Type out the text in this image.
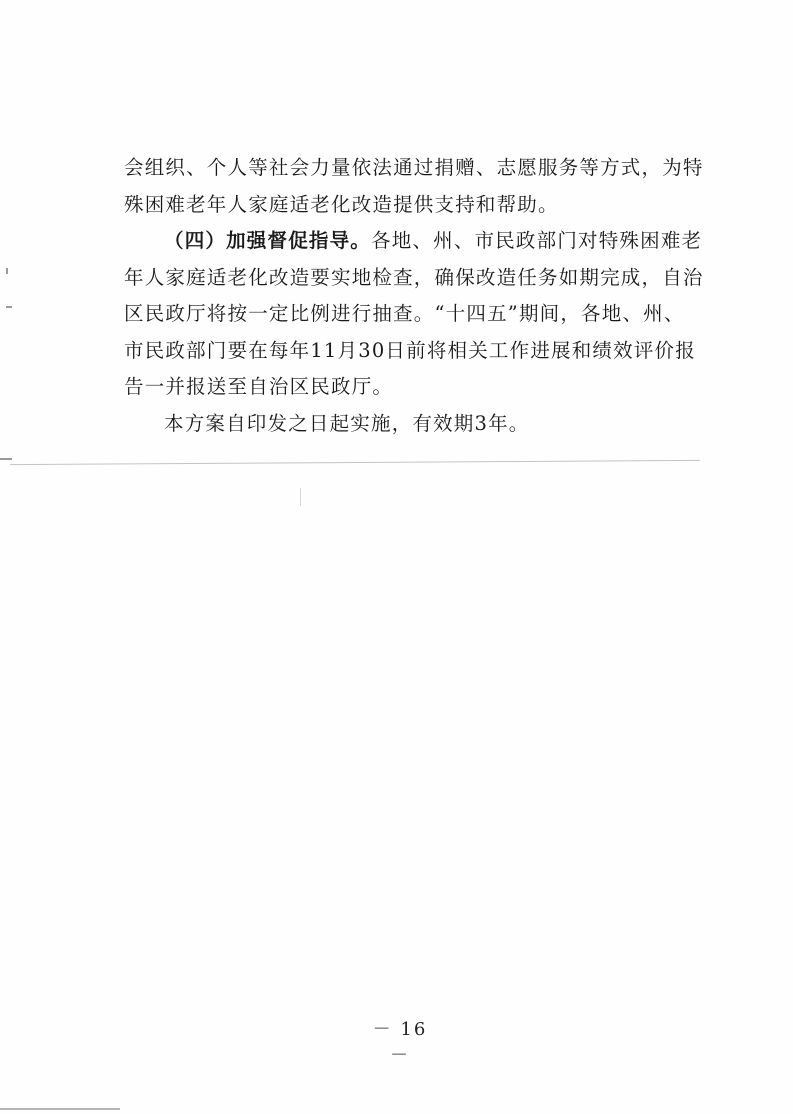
会组织、个人等社会力量依法通过捐赠、志愿服务等方式，为特
殊困难老年人家庭适老化改造提供支持和帮助。
（四）加强督促指导。各地、州、市民政部门对特殊困难老
年人家庭适老化改造要实地检查，确保改造任务如期完成，自治
区民政厅将按一定比例进行抽查。“十四五”期间，各地、州、
市民政部门要在每年11月30日前将相关工作进展和绩效评价报
告一并报送至自治区民政厅。
本方案自印发之日起实施，有效期3年。
－ 16 －
